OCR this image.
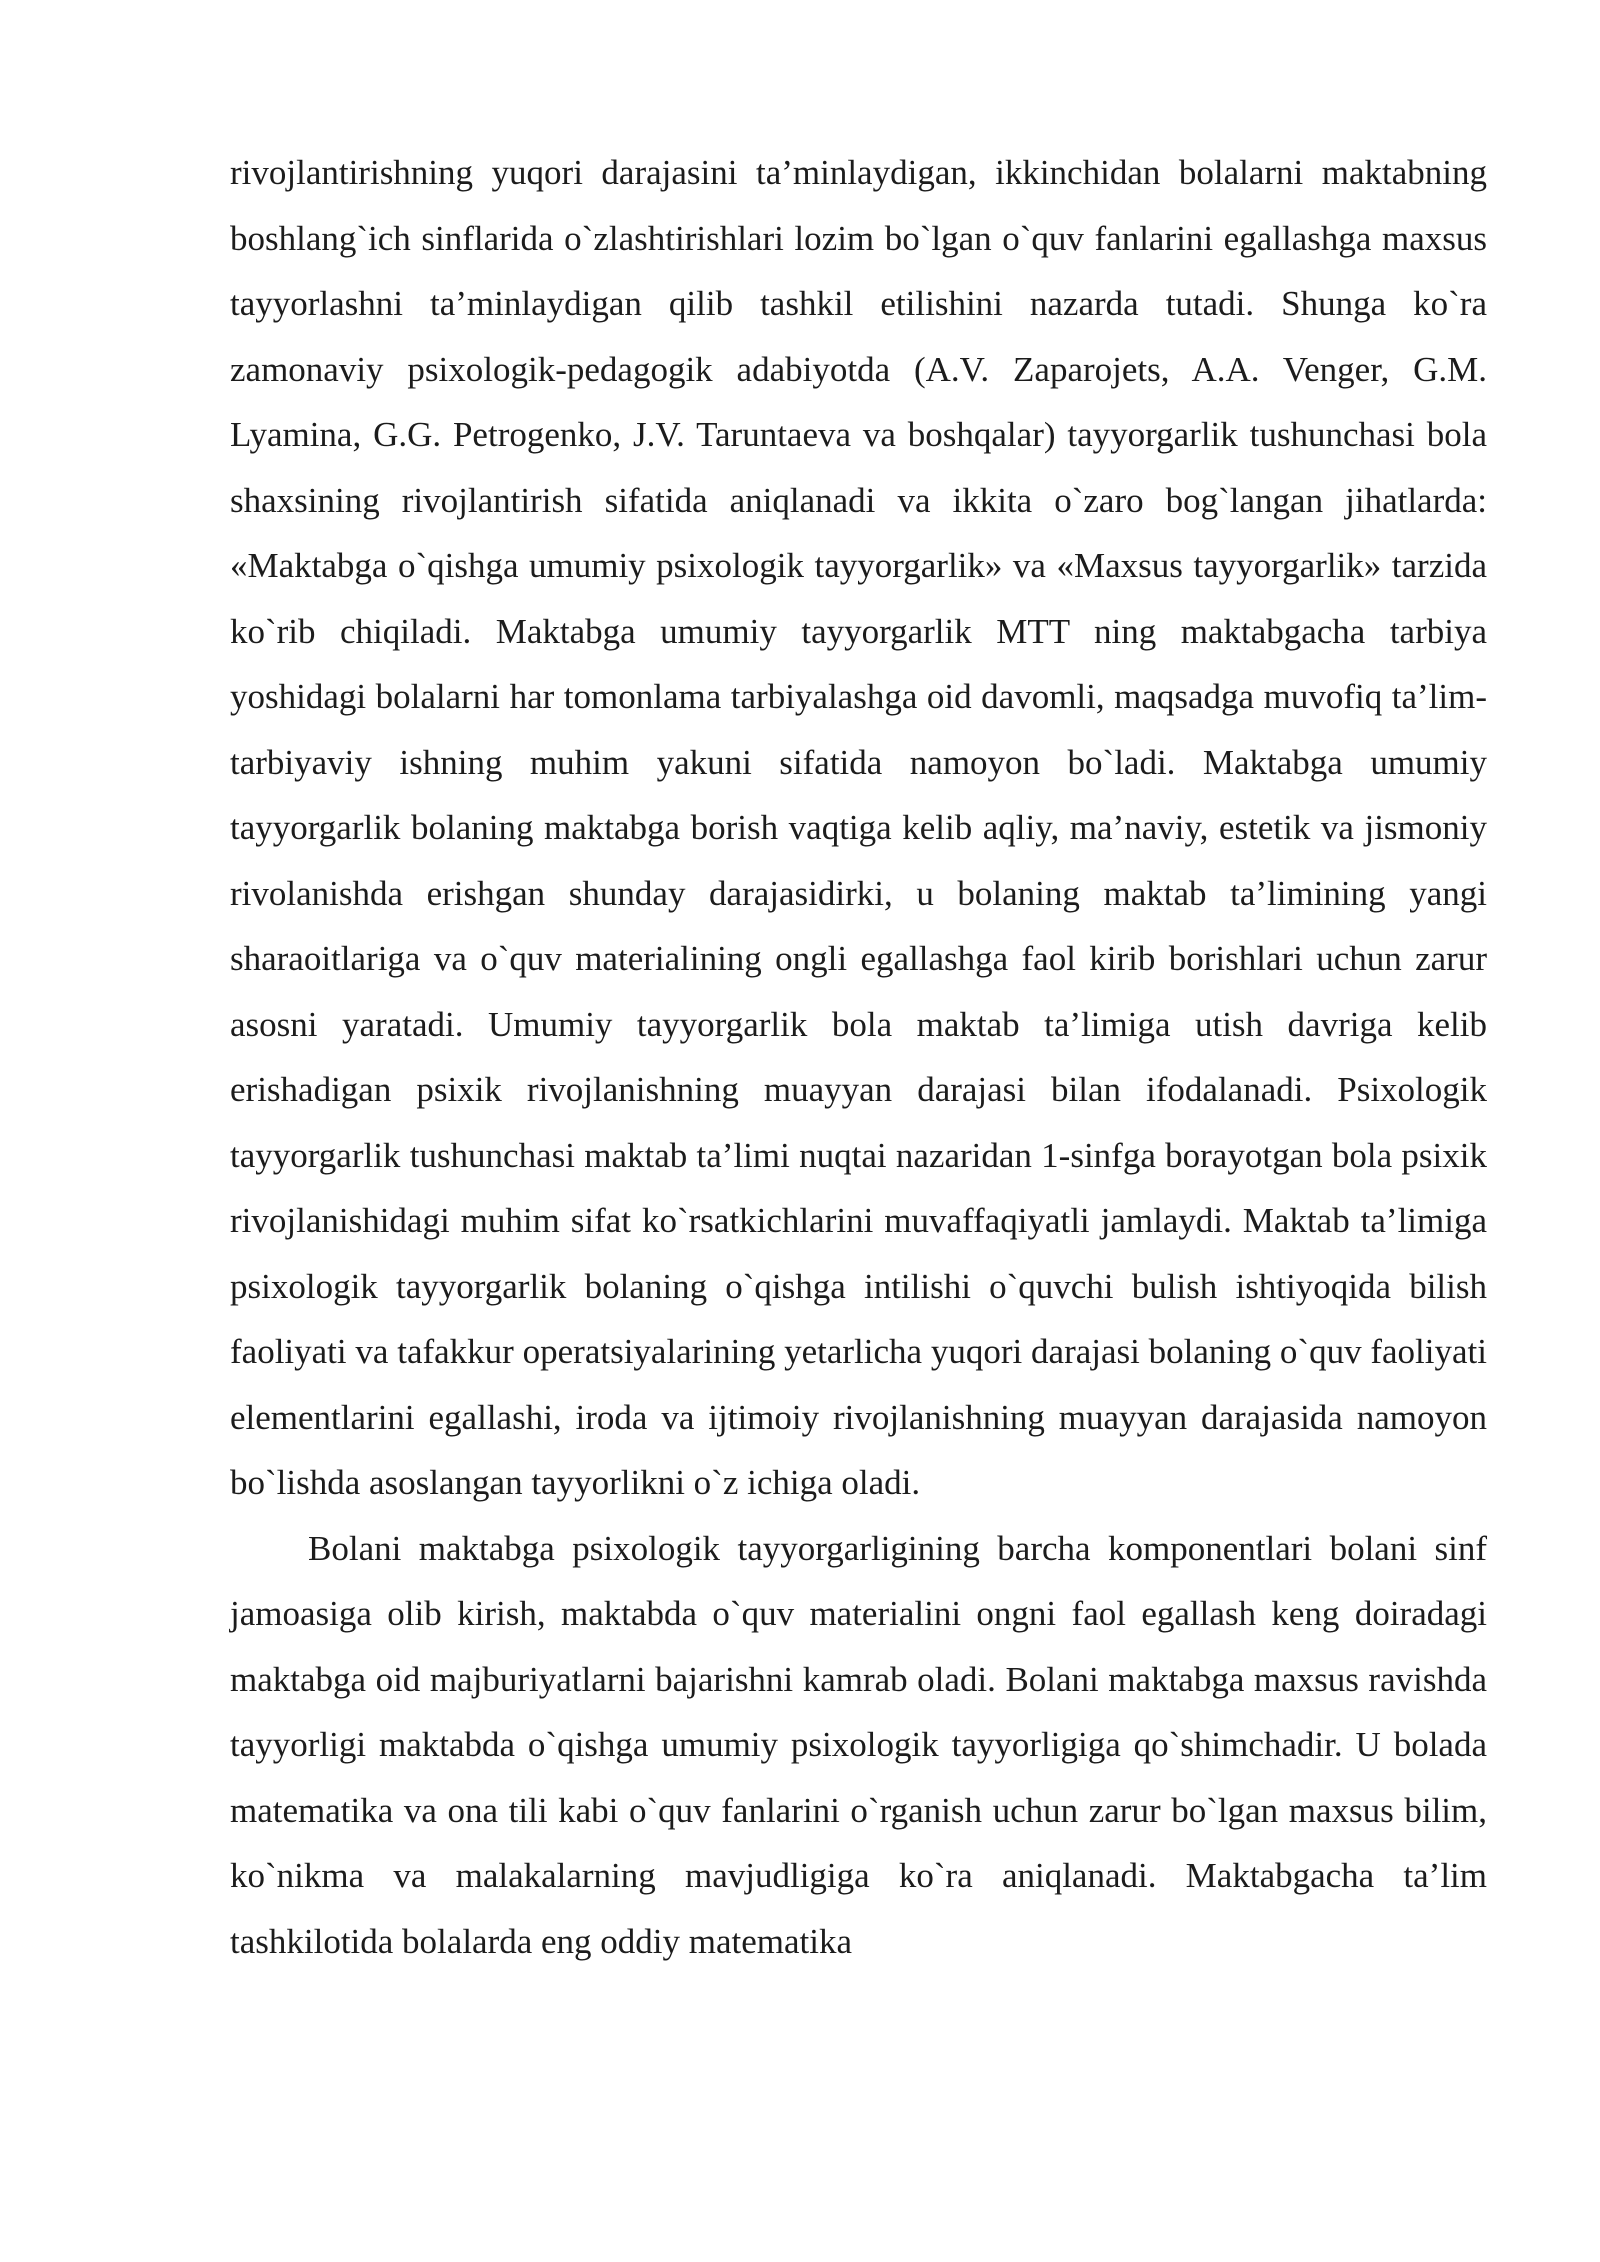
rivojlantirishning yuqori darajasini ta’minlaydigan, ikkinchidan bolalarni maktabning boshlang`ich sinflarida o`zlashtirishlari lozim bo`lgan o`quv fanlarini egallashga maxsus tayyorlashni ta’minlaydigan qilib tashkil etilishini nazarda tutadi. Shunga ko`ra zamonaviy psixologik-pedagogik adabiyotda (A.V. Zaparojets, A.A. Venger, G.M. Lyamina, G.G. Petrogenko, J.V. Taruntaeva va boshqalar) tayyorgarlik tushunchasi bola shaxsining rivojlantirish sifatida aniqlanadi va ikkita o`zaro bog`langan jihatlarda: «Maktabga o`qishga umumiy psixologik tayyorgarlik» va «Maxsus tayyorgarlik» tarzida ko`rib chiqiladi. Maktabga umumiy tayyorgarlik MTT ning maktabgacha tarbiya yoshidagi bolalarni har tomonlama tarbiyalashga oid davomli, maqsadga muvofiq ta’lim-tarbiyaviy ishning muhim yakuni sifatida namoyon bo`ladi. Maktabga umumiy tayyorgarlik bolaning maktabga borish vaqtiga kelib aqliy, ma’naviy, estetik va jismoniy rivolanishda erishgan shunday darajasidirki, u bolaning maktab ta’limining yangi sharaoitlariga va o`quv materialining ongli egallashga faol kirib borishlari uchun zarur asosni yaratadi. Umumiy tayyorgarlik bola maktab ta’limiga utish davriga kelib erishadigan psixik rivojlanishning muayyan darajasi bilan ifodalanadi. Psixologik tayyorgarlik tushunchasi maktab ta’limi nuqtai nazaridan 1-sinfga borayotgan bola psixik rivojlanishidagi muhim sifat ko`rsatkichlarini muvaffaqiyatli jamlaydi. Maktab ta’limiga psixologik tayyorgarlik bolaning o`qishga intilishi o`quvchi bulish ishtiyoqida bilish faoliyati va tafakkur operatsiyalarining yetarlicha yuqori darajasi bolaning o`quv faoliyati elementlarini egallashi, iroda va ijtimoiy rivojlanishning muayyan darajasida namoyon bo`lishda asoslangan tayyorlikni o`z ichiga oladi.

Bolani maktabga psixologik tayyorgarligining barcha komponentlari bolani sinf jamoasiga olib kirish, maktabda o`quv materialini ongni faol egallash keng doiradagi maktabga oid majburiyatlarni bajarishni kamrab oladi. Bolani maktabga maxsus ravishda tayyorligi maktabda o`qishga umumiy psixologik tayyorligiga qo`shimchadir. U bolada matematika va ona tili kabi o`quv fanlarini o`rganish uchun zarur bo`lgan maxsus bilim, ko`nikma va malakalarning mavjudligiga ko`ra aniqlanadi. Maktabgacha ta’lim tashkilotida bolalarda eng oddiy matematika
